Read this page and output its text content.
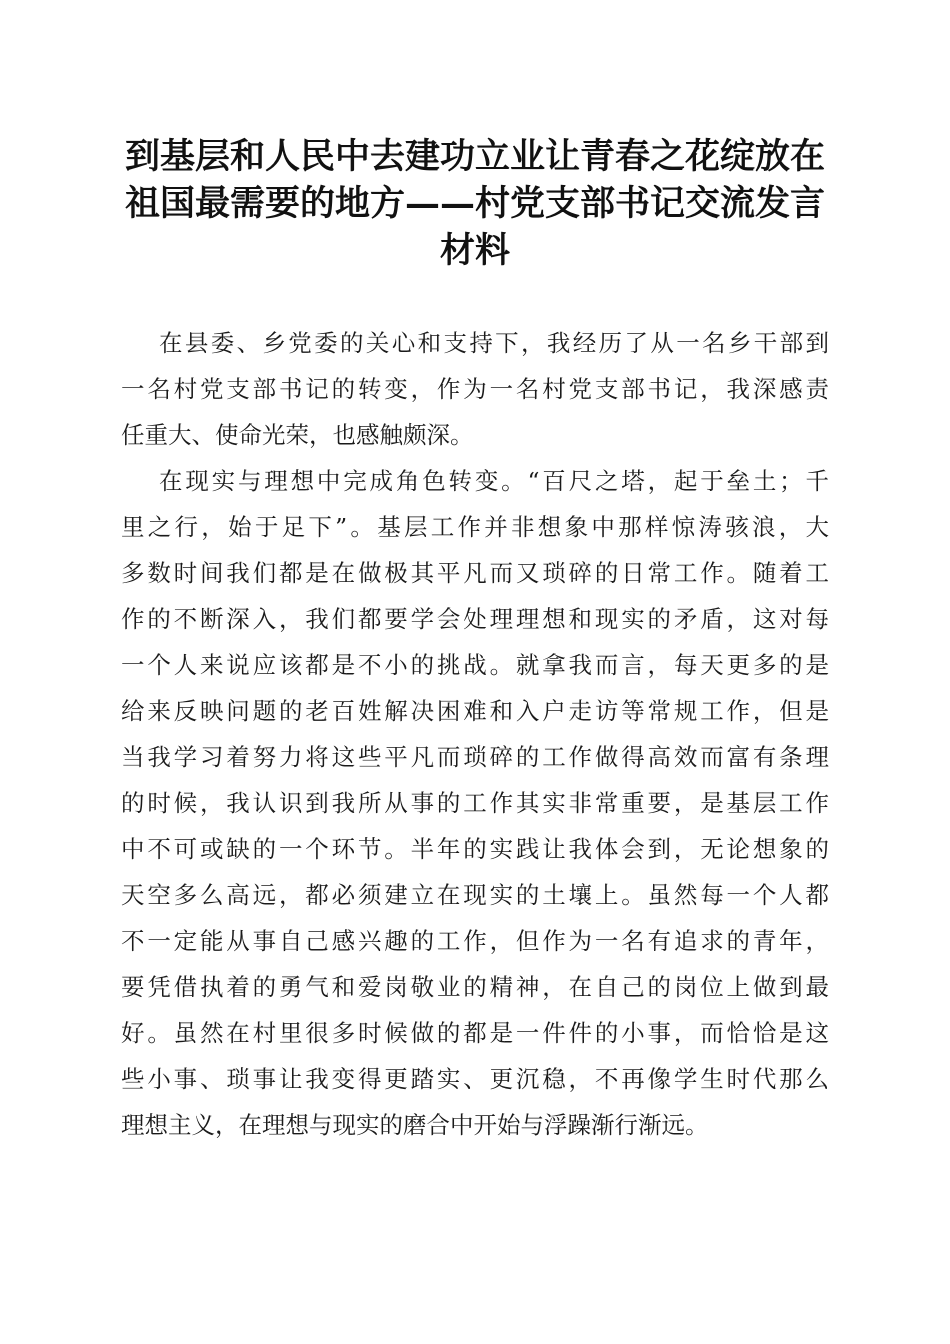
到基层和人民中去建功立业让青春之花绽放在
祖国最需要的地方——村党支部书记交流发言
材料

在县委、乡党委的关心和支持下，我经历了从一名乡干部到
一名村党支部书记的转变，作为一名村党支部书记，我深感责
任重大、使命光荣，也感触颇深。

在现实与理想中完成角色转变。“百尺之塔，起于垒土；千
里之行，始于足下”。基层工作并非想象中那样惊涛骇浪，大
多数时间我们都是在做极其平凡而又琐碎的日常工作。随着工
作的不断深入，我们都要学会处理理想和现实的矛盾，这对每
一个人来说应该都是不小的挑战。就拿我而言，每天更多的是
给来反映问题的老百姓解决困难和入户走访等常规工作，但是
当我学习着努力将这些平凡而琐碎的工作做得高效而富有条理
的时候，我认识到我所从事的工作其实非常重要，是基层工作
中不可或缺的一个环节。半年的实践让我体会到，无论想象的
天空多么高远，都必须建立在现实的土壤上。虽然每一个人都
不一定能从事自己感兴趣的工作，但作为一名有追求的青年，
要凭借执着的勇气和爱岗敬业的精神，在自己的岗位上做到最
好。虽然在村里很多时候做的都是一件件的小事，而恰恰是这
些小事、琐事让我变得更踏实、更沉稳，不再像学生时代那么
理想主义，在理想与现实的磨合中开始与浮躁渐行渐远。
